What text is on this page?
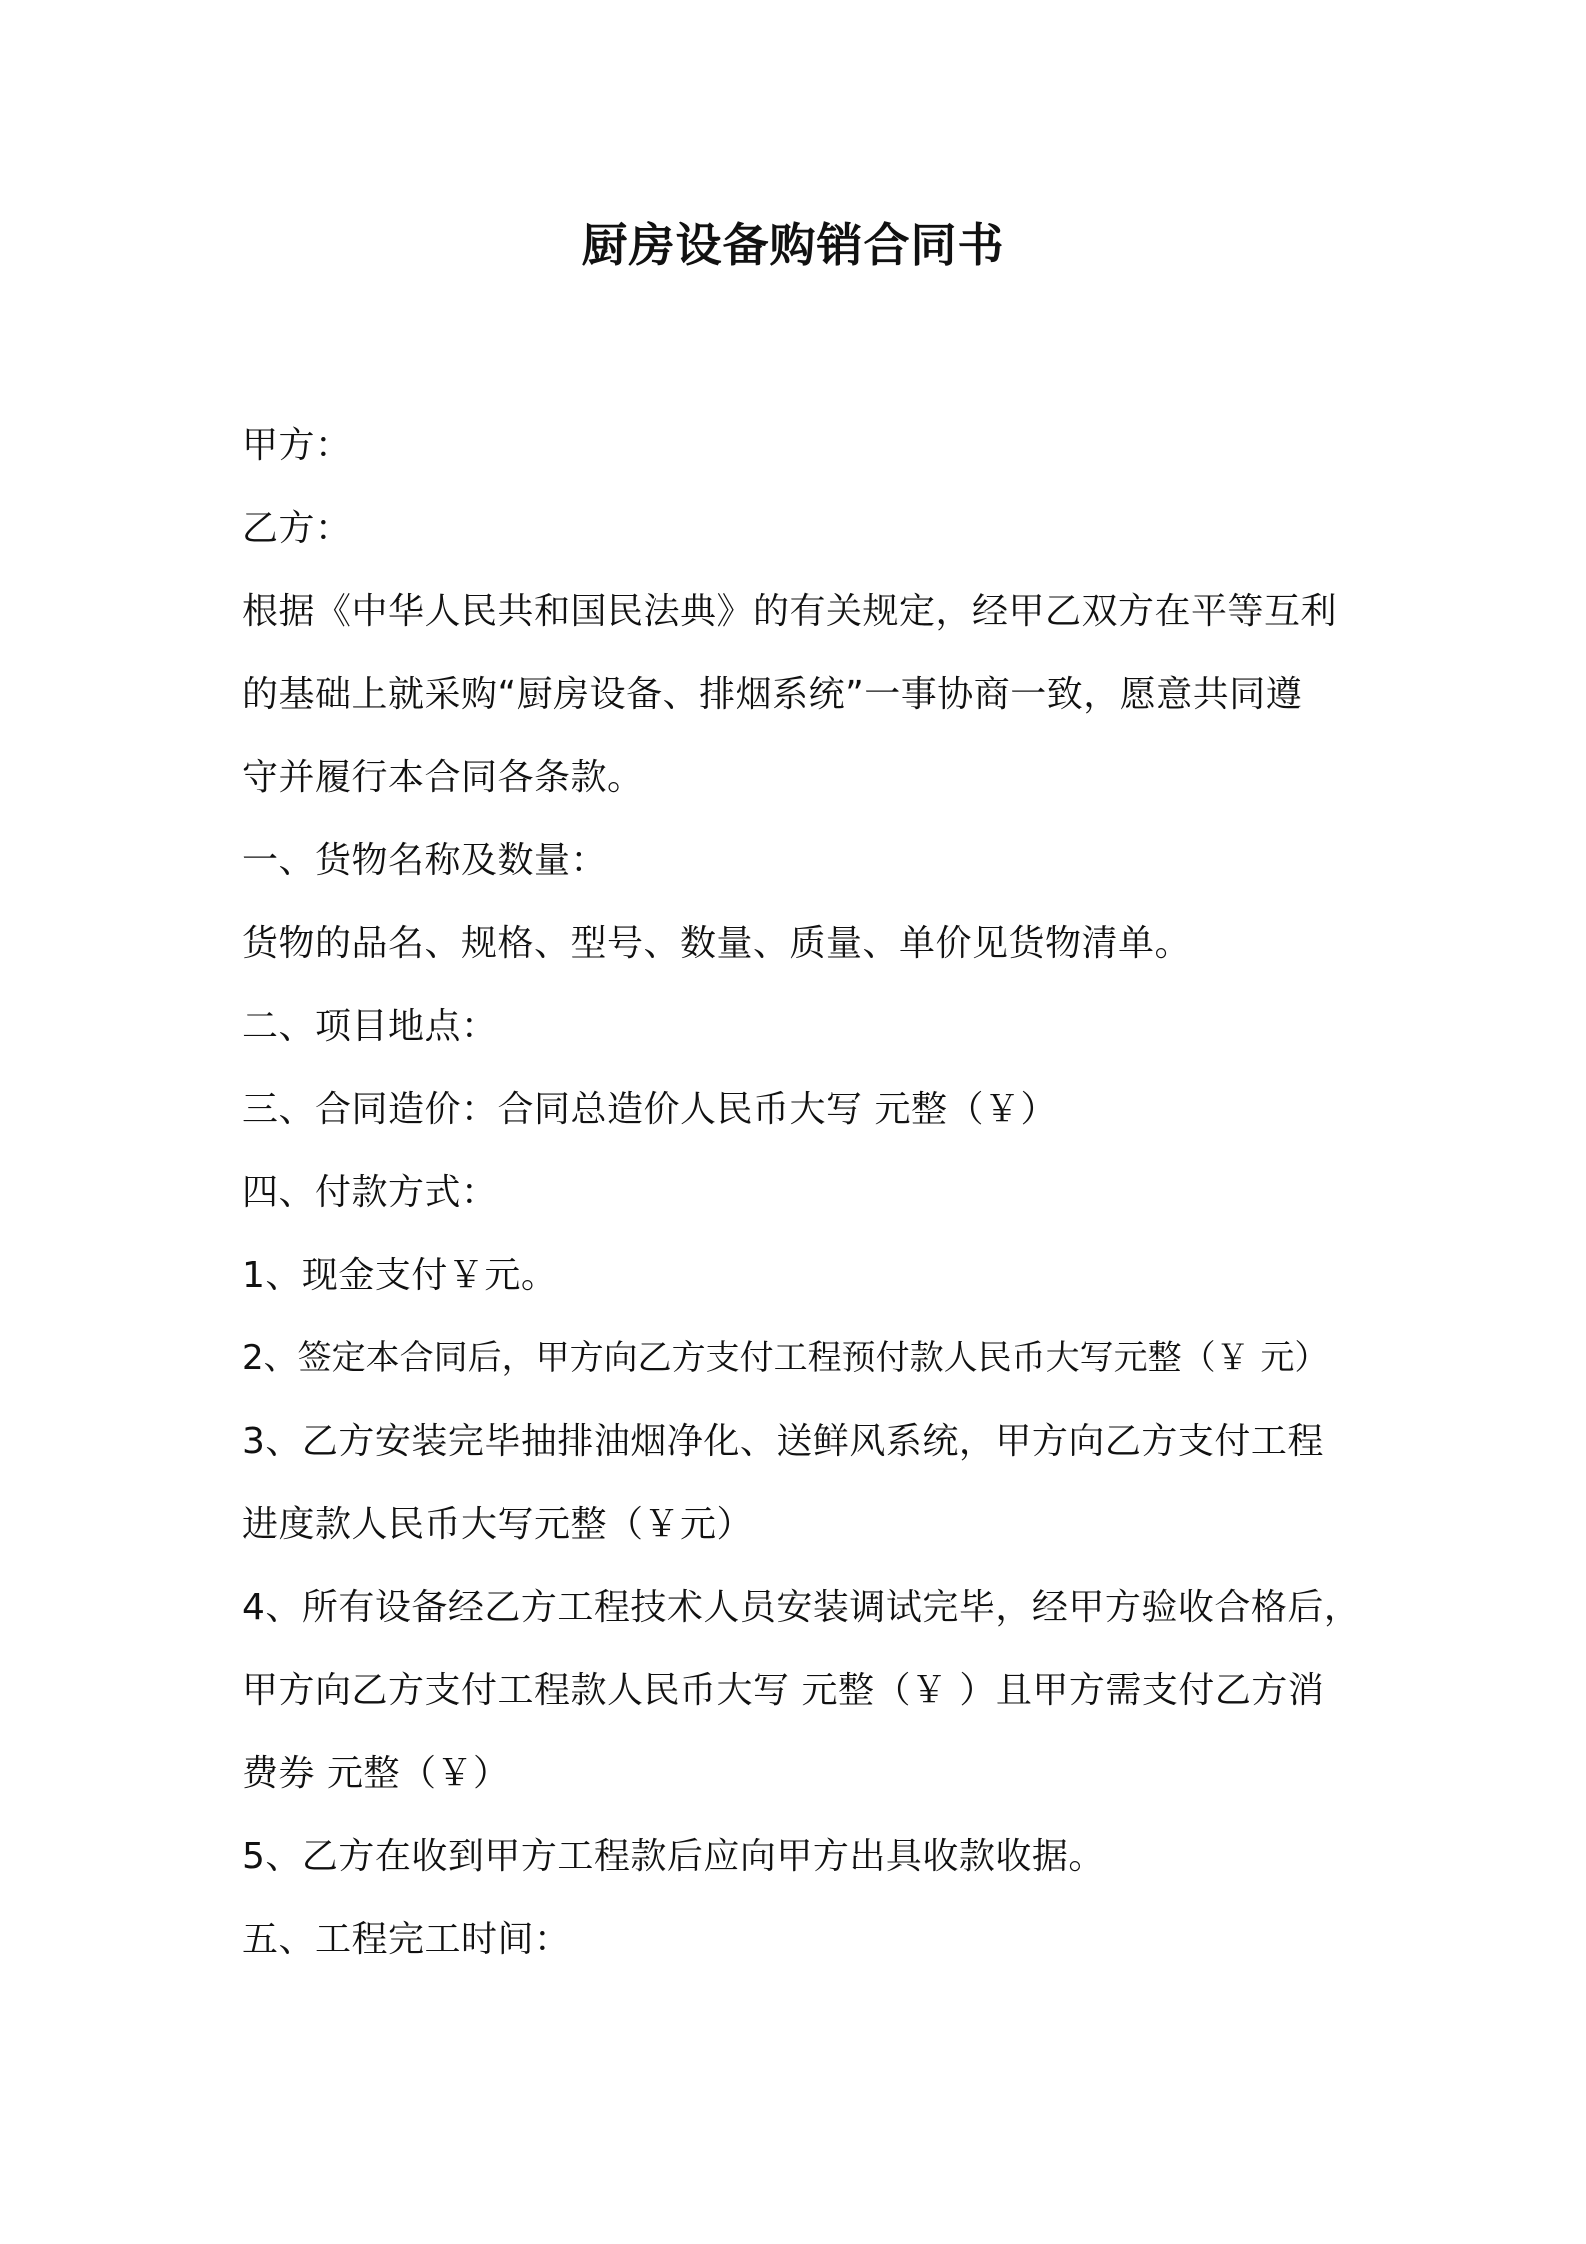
厨房设备购销合同书
甲方：
乙方：
根据《中华人民共和国民法典》的有关规定，经甲乙双方在平等互利
的基础上就采购“厨房设备、排烟系统”一事协商一致，愿意共同遵
守并履行本合同各条款。
一、货物名称及数量：
货物的品名、规格、型号、数量、质量、单价见货物清单。
二、项目地点：
三、合同造价：合同总造价人民币大写 元整（￥）
四、付款方式：
1、现金支付￥元。
2、签定本合同后，甲方向乙方支付工程预付款人民币大写元整（￥ 元）
3、乙方安装完毕抽排油烟净化、送鲜风系统，甲方向乙方支付工程
进度款人民币大写元整（￥元）
4、所有设备经乙方工程技术人员安装调试完毕，经甲方验收合格后，
甲方向乙方支付工程款人民币大写 元整（￥ ）且甲方需支付乙方消
费券 元整（￥）
5、乙方在收到甲方工程款后应向甲方出具收款收据。
五、工程完工时间：
